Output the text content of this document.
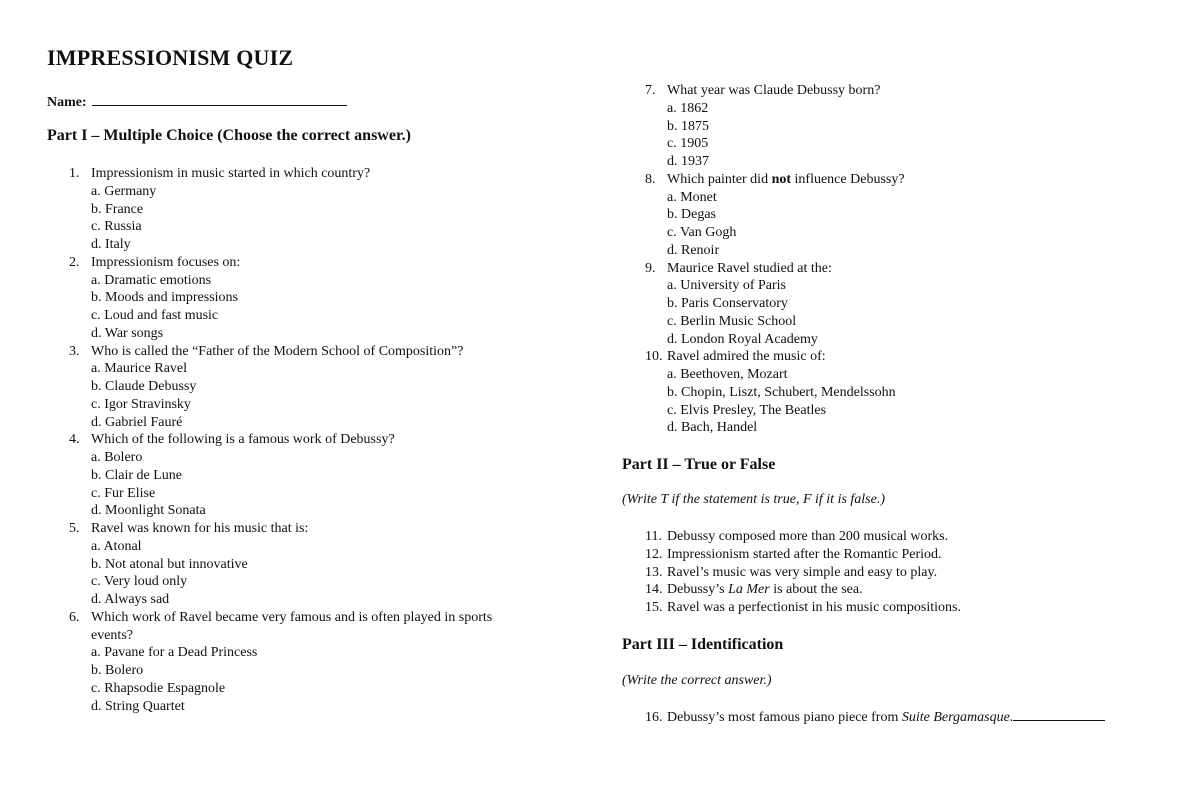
IMPRESSIONISM QUIZ
Name:
Part I – Multiple Choice (Choose the correct answer.)
1. Impressionism in music started in which country?
a. Germany
b. France
c. Russia
d. Italy
2. Impressionism focuses on:
a. Dramatic emotions
b. Moods and impressions
c. Loud and fast music
d. War songs
3. Who is called the “Father of the Modern School of Composition”?
a. Maurice Ravel
b. Claude Debussy
c. Igor Stravinsky
d. Gabriel Fauré
4. Which of the following is a famous work of Debussy?
a. Bolero
b. Clair de Lune
c. Fur Elise
d. Moonlight Sonata
5. Ravel was known for his music that is:
a. Atonal
b. Not atonal but innovative
c. Very loud only
d. Always sad
6. Which work of Ravel became very famous and is often played in sports
events?
a. Pavane for a Dead Princess
b. Bolero
c. Rhapsodie Espagnole
d. String Quartet
7. What year was Claude Debussy born?
a. 1862
b. 1875
c. 1905
d. 1937
8. Which painter did not influence Debussy?
a. Monet
b. Degas
c. Van Gogh
d. Renoir
9. Maurice Ravel studied at the:
a. University of Paris
b. Paris Conservatory
c. Berlin Music School
d. London Royal Academy
10. Ravel admired the music of:
a. Beethoven, Mozart
b. Chopin, Liszt, Schubert, Mendelssohn
c. Elvis Presley, The Beatles
d. Bach, Handel
Part II – True or False
(Write T if the statement is true, F if it is false.)
11. Debussy composed more than 200 musical works.
12. Impressionism started after the Romantic Period.
13. Ravel’s music was very simple and easy to play.
14. Debussy’s La Mer is about the sea.
15. Ravel was a perfectionist in his music compositions.
Part III – Identification
(Write the correct answer.)
16. Debussy’s most famous piano piece from Suite Bergamasque.
